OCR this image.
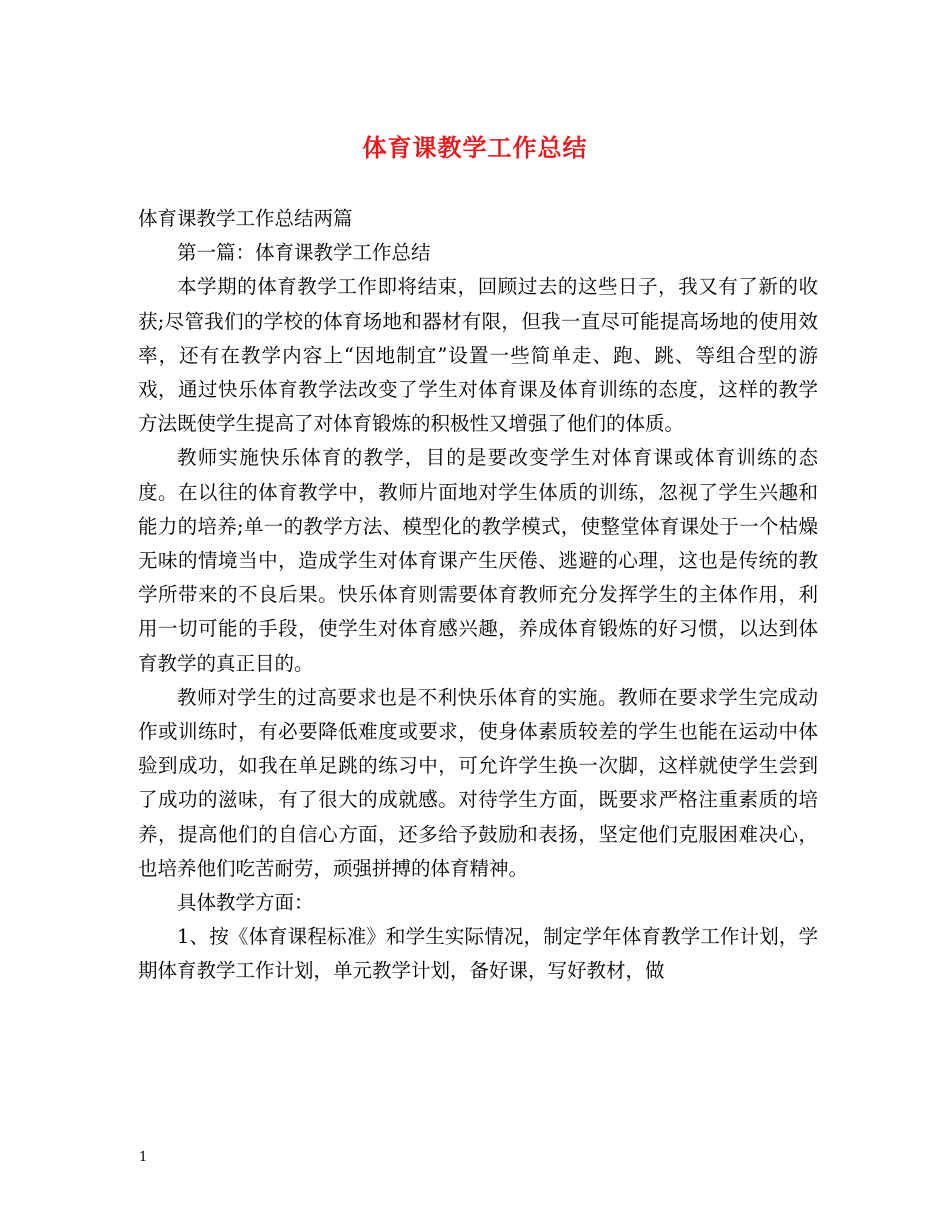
体育课教学工作总结

体育课教学工作总结两篇

第一篇：体育课教学工作总结

本学期的体育教学工作即将结束，回顾过去的这些日子，我又有了新的收获;尽管我们的学校的体育场地和器材有限，但我一直尽可能提高场地的使用效率，还有在教学内容上“因地制宜”设置一些简单走、跑、跳、等组合型的游戏，通过快乐体育教学法改变了学生对体育课及体育训练的态度，这样的教学方法既使学生提高了对体育锻炼的积极性又增强了他们的体质。

教师实施快乐体育的教学，目的是要改变学生对体育课或体育训练的态度。在以往的体育教学中，教师片面地对学生体质的训练，忽视了学生兴趣和能力的培养;单一的教学方法、模型化的教学模式，使整堂体育课处于一个枯燥无味的情境当中，造成学生对体育课产生厌倦、逃避的心理，这也是传统的教学所带来的不良后果。快乐体育则需要体育教师充分发挥学生的主体作用，利用一切可能的手段，使学生对体育感兴趣，养成体育锻炼的好习惯，以达到体育教学的真正目的。

教师对学生的过高要求也是不利快乐体育的实施。教师在要求学生完成动作或训练时，有必要降低难度或要求，使身体素质较差的学生也能在运动中体验到成功，如我在单足跳的练习中，可允许学生换一次脚，这样就使学生尝到了成功的滋味，有了很大的成就感。对待学生方面，既要求严格注重素质的培养，提高他们的自信心方面，还多给予鼓励和表扬，坚定他们克服困难决心，也培养他们吃苦耐劳，顽强拼搏的体育精神。

具体教学方面：

1、按《体育课程标准》和学生实际情况，制定学年体育教学工作计划，学期体育教学工作计划，单元教学计划，备好课，写好教材，做

1
